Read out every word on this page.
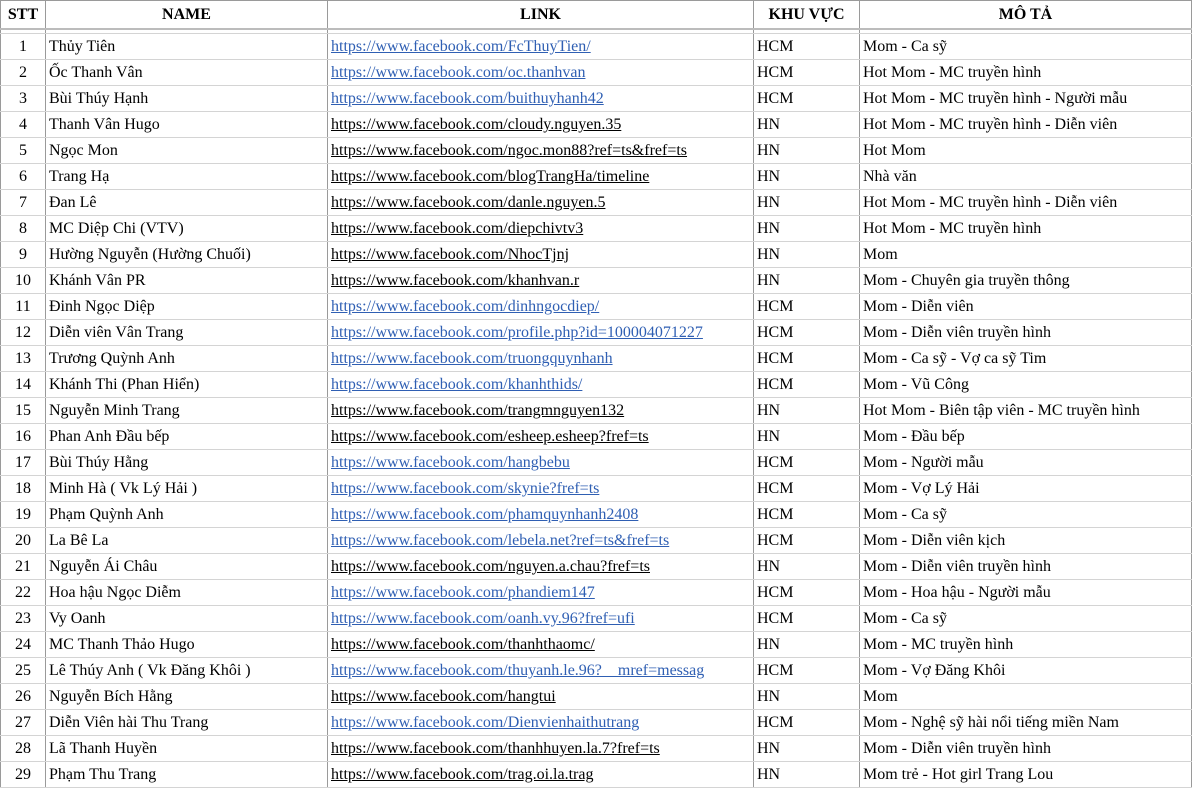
STT	NAME	LINK	KHU VỰC	MÔ TẢ

1	Thủy Tiên	https://www.facebook.com/FcThuyTien/	HCM	Mom - Ca sỹ
2	Ốc Thanh Vân	https://www.facebook.com/oc.thanhvan	HCM	Hot Mom - MC truyền hình
3	Bùi Thúy Hạnh	https://www.facebook.com/buithuyhanh42	HCM	Hot Mom - MC truyền hình - Người mẫu
4	Thanh Vân Hugo	https://www.facebook.com/cloudy.nguyen.35	HN	Hot Mom - MC truyền hình - Diễn viên
5	Ngọc Mon	https://www.facebook.com/ngoc.mon88?ref=ts&fref=ts	HN	Hot Mom
6	Trang Hạ	https://www.facebook.com/blogTrangHa/timeline	HN	Nhà văn
7	Đan Lê	https://www.facebook.com/danle.nguyen.5	HN	Hot Mom - MC truyền hình - Diễn viên
8	MC Diệp Chi (VTV)	https://www.facebook.com/diepchivtv3	HN	Hot Mom - MC truyền hình
9	Hường Nguyễn (Hường Chuối)	https://www.facebook.com/NhocTjnj	HN	Mom
10	Khánh Vân PR	https://www.facebook.com/khanhvan.r	HN	Mom - Chuyên gia truyền thông
11	Đinh Ngọc Diệp	https://www.facebook.com/dinhngocdiep/	HCM	Mom - Diễn viên
12	Diễn viên Vân Trang	https://www.facebook.com/profile.php?id=100004071227	HCM	Mom - Diễn viên truyền hình
13	Trương Quỳnh Anh	https://www.facebook.com/truongquynhanh	HCM	Mom - Ca sỹ - Vợ ca sỹ Tim
14	Khánh Thi (Phan Hiển)	https://www.facebook.com/khanhthids/	HCM	Mom - Vũ Công
15	Nguyễn Minh Trang	https://www.facebook.com/trangmnguyen132	HN	Hot Mom - Biên tập viên - MC truyền hình
16	Phan Anh Đầu bếp	https://www.facebook.com/esheep.esheep?fref=ts	HN	Mom - Đầu bếp
17	Bùi Thúy Hằng	https://www.facebook.com/hangbebu	HCM	Mom - Người mẫu
18	Minh Hà ( Vk Lý Hải )	https://www.facebook.com/skynie?fref=ts	HCM	Mom - Vợ Lý Hải
19	Phạm Quỳnh Anh	https://www.facebook.com/phamquynhanh2408	HCM	Mom - Ca sỹ
20	La Bê La	https://www.facebook.com/lebela.net?ref=ts&fref=ts	HCM	Mom - Diễn viên kịch
21	Nguyễn Ái Châu	https://www.facebook.com/nguyen.a.chau?fref=ts	HN	Mom - Diễn viên truyền hình
22	Hoa hậu Ngọc Diễm	https://www.facebook.com/phandiem147	HCM	Mom - Hoa hậu - Người mẫu
23	Vy Oanh	https://www.facebook.com/oanh.vy.96?fref=ufi	HCM	Mom - Ca sỹ
24	MC Thanh Thảo Hugo	https://www.facebook.com/thanhthaomc/	HN	Mom - MC truyền hình
25	Lê Thúy Anh ( Vk Đăng Khôi )	https://www.facebook.com/thuyanh.le.96?__mref=messag	HCM	Mom - Vợ Đăng Khôi
26	Nguyễn Bích Hằng	https://www.facebook.com/hangtui	HN	Mom
27	Diễn Viên hài Thu Trang	https://www.facebook.com/Dienvienhaithutrang	HCM	Mom - Nghệ sỹ hài nổi tiếng miền Nam
28	Lã Thanh Huyền	https://www.facebook.com/thanhhuyen.la.7?fref=ts	HN	Mom - Diễn viên truyền hình
29	Phạm Thu Trang	https://www.facebook.com/trag.oi.la.trag	HN	Mom trẻ - Hot girl Trang Lou
